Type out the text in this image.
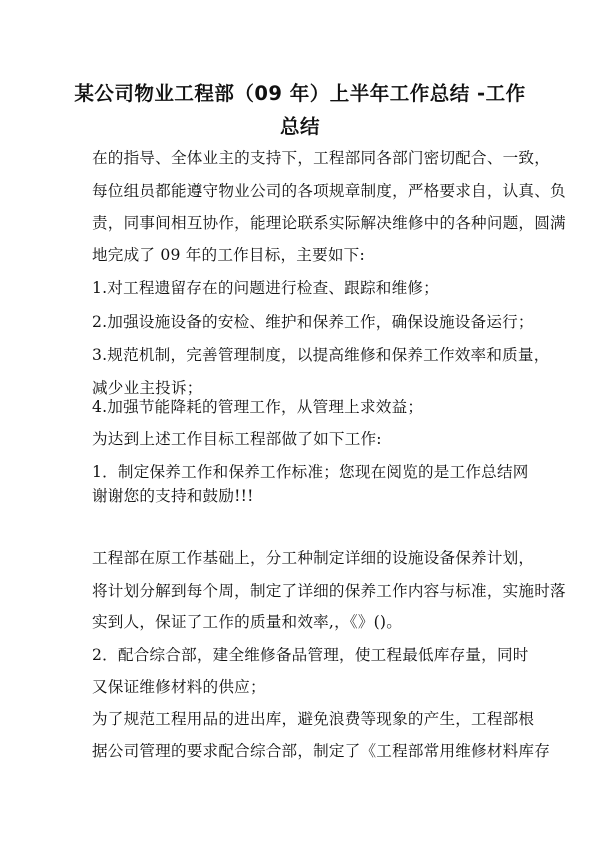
某公司物业工程部（09 年）上半年工作总结 -工作
总结
在的指导、全体业主的支持下，工程部同各部门密切配合、一致，
每位组员都能遵守物业公司的各项规章制度，严格要求自，认真、负
责，同事间相互协作，能理论联系实际解决维修中的各种问题，圆满
地完成了 09 年的工作目标，主要如下:
1.对工程遗留存在的问题进行检查、跟踪和维修；
2.加强设施设备的安检、维护和保养工作，确保设施设备运行；
3.规范机制，完善管理制度，以提高维修和保养工作效率和质量，
减少业主投诉；
4.加强节能降耗的管理工作，从管理上求效益；
为达到上述工作目标工程部做了如下工作:
1．制定保养工作和保养工作标准；您现在阅览的是工作总结网
谢谢您的支持和鼓励!!!
工程部在原工作基础上，分工种制定详细的设施设备保养计划，
将计划分解到每个周，制定了详细的保养工作内容与标准，实施时落
实到人，保证了工作的质量和效率,，《》()。
2．配合综合部，建全维修备品管理，使工程最低库存量，同时
又保证维修材料的供应；
为了规范工程用品的进出库，避免浪费等现象的产生，工程部根
据公司管理的要求配合综合部，制定了《工程部常用维修材料库存
